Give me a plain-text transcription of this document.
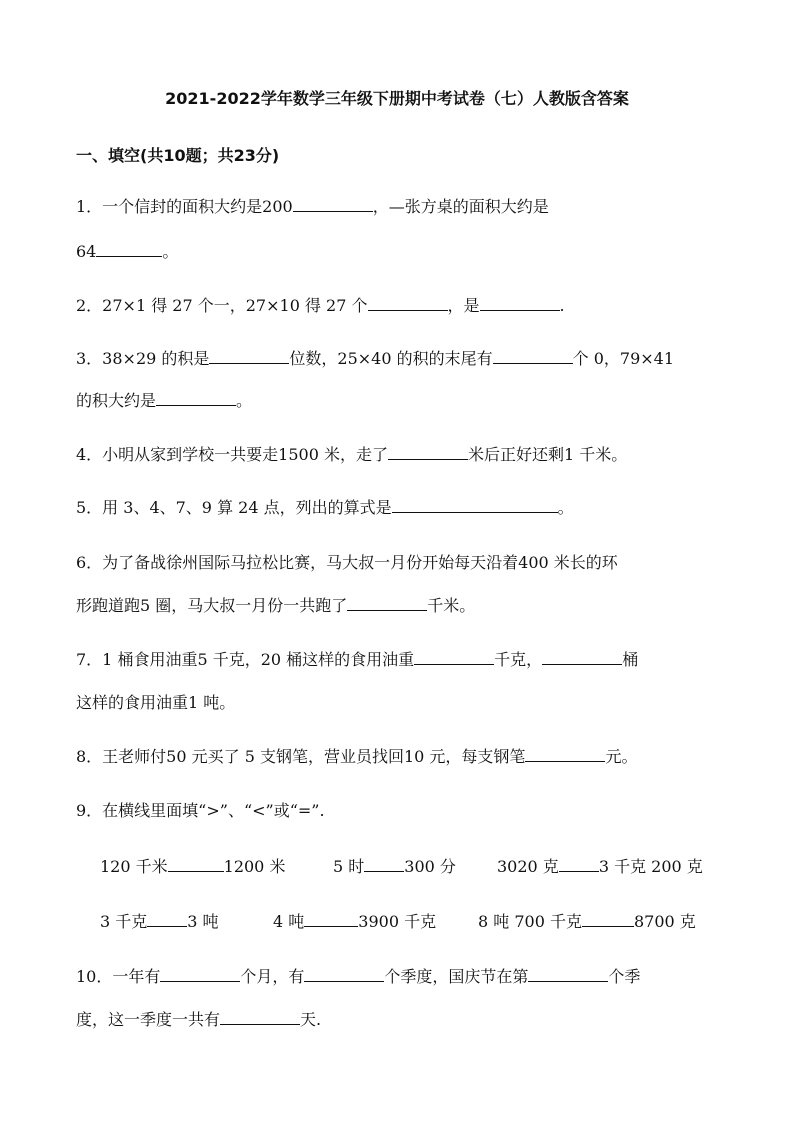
2021-2022学年数学三年级下册期中考试卷（七）人教版含答案
一、填空(共10题；共23分)
1．一个信封的面积大约是200	，—张方桌的面积大约是
64	。
2．27×1 得 27 个一，27×10 得 27 个	，是	.
3．38×29 的积是	位数，25×40 的积的末尾有	个 0，79×41
的积大约是	。
4．小明从家到学校一共要走1500 米，走了	米后正好还剩1 千米。
5．用 3、4、7、9 算 24 点，列出的算式是	。
6．为了备战徐州国际马拉松比赛，马大叔一月份开始每天沿着400 米长的环
形跑道跑5 圈，马大叔一月份一共跑了	千米。
7．1 桶食用油重5 千克，20 桶这样的食用油重	千克，	桶
这样的食用油重1 吨。
8．王老师付50 元买了 5 支钢笔，营业员找回10 元，每支钢笔	元。
9．在横线里面填“>”、“<”或“=”.
120 千米	1200 米	5 时	300 分	3020 克	3 千克 200 克
3 千克	3 吨	4 吨	3900 千克	8 吨 700 千克	8700 克
10．一年有	个月，有	个季度，国庆节在第	个季
度，这一季度一共有	天.
